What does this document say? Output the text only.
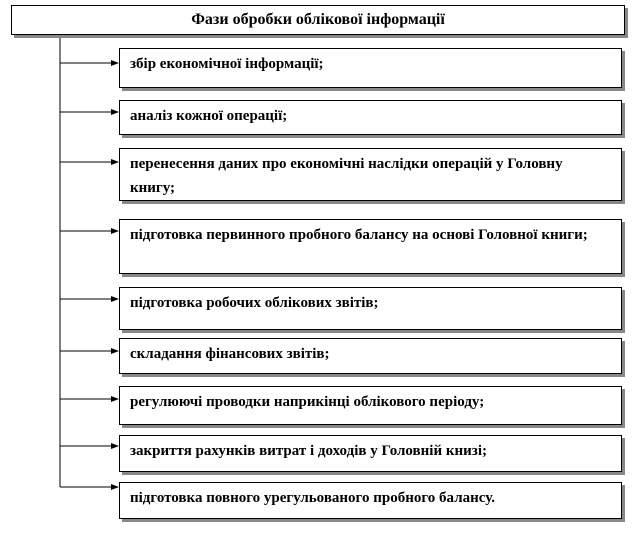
Фази обробки облікової інформації
збір економічної інформації;
аналіз кожної операції;
перенесення даних про економічні наслідки операцій у Головну книгу;
підготовка первинного пробного балансу на основі Головної книги;
підготовка робочих облікових звітів;
складання фінансових звітів;
регулюючі проводки наприкінці облікового періоду;
закриття рахунків витрат і доходів у Головній книзі;
підготовка повного урегульованого пробного балансу.
